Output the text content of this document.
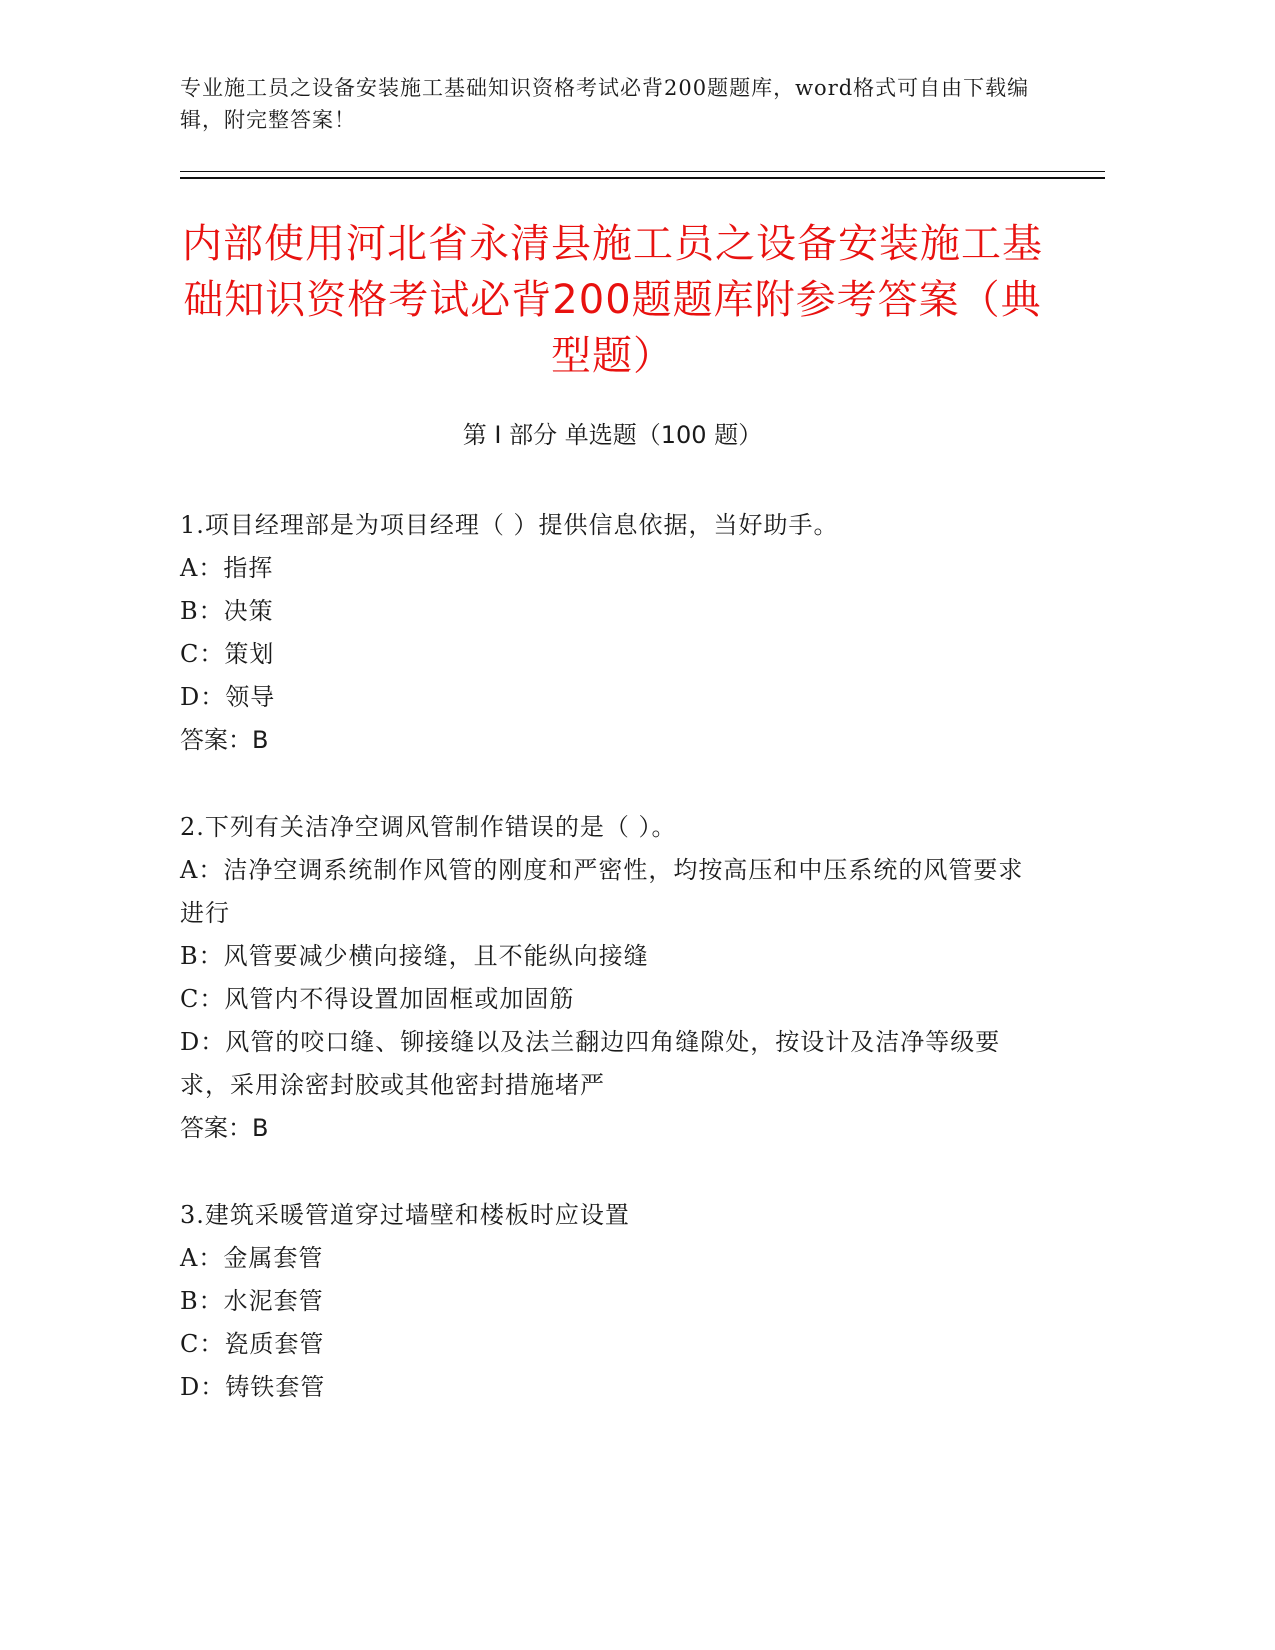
专业施工员之设备安装施工基础知识资格考试必背200题题库，word格式可自由下载编辑，附完整答案！
内部使用河北省永清县施工员之设备安装施工基础知识资格考试必背200题题库附参考答案（典型题）
第 I 部分 单选题（100 题）
1.项目经理部是为项目经理（ ）提供信息依据，当好助手。
A：指挥
B：决策
C：策划
D：领导
答案：B
2.下列有关洁净空调风管制作错误的是（ ）。
A：洁净空调系统制作风管的刚度和严密性，均按高压和中压系统的风管要求进行
B：风管要减少横向接缝，且不能纵向接缝
C：风管内不得设置加固框或加固筋
D：风管的咬口缝、铆接缝以及法兰翻边四角缝隙处，按设计及洁净等级要求，采用涂密封胶或其他密封措施堵严
答案：B
3.建筑采暖管道穿过墙壁和楼板时应设置
A：金属套管
B：水泥套管
C：瓷质套管
D：铸铁套管
